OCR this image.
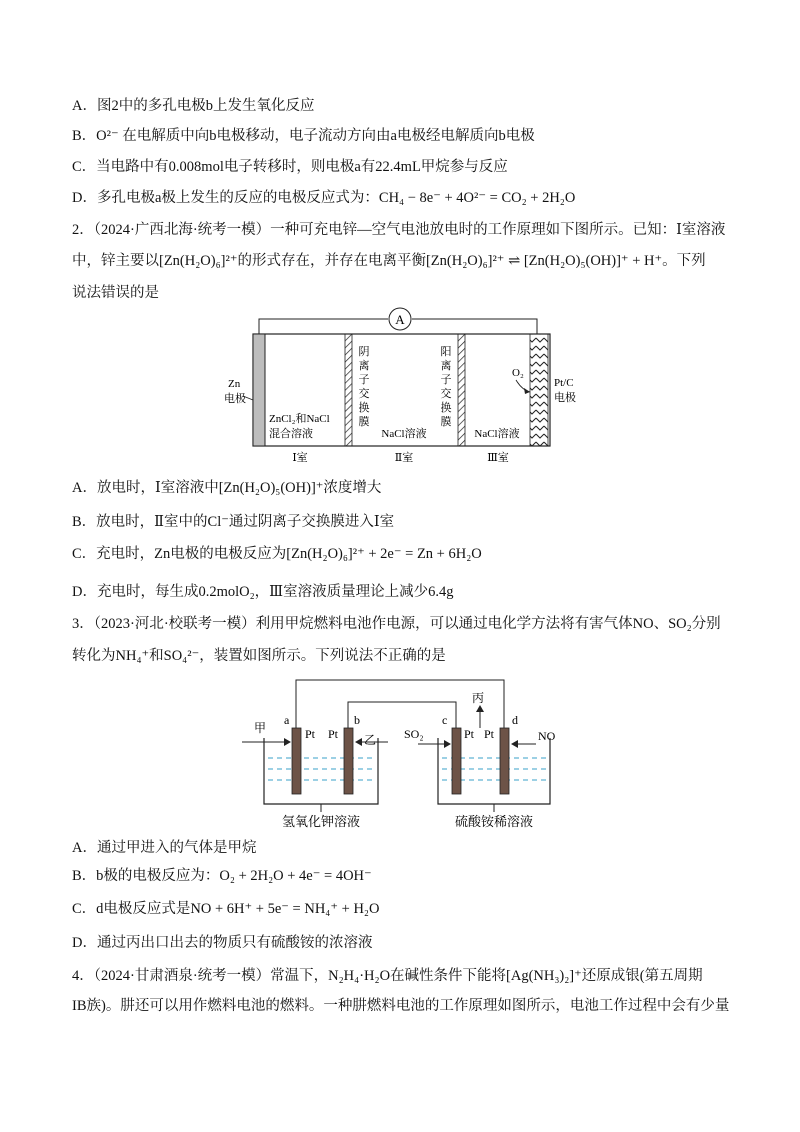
A．图2中的多孔电极b上发生氧化反应
B．O²⁻ 在电解质中向b电极移动，电子流动方向由a电极经电解质向b电极
C．当电路中有0.008mol电子转移时，则电极a有22.4mL甲烷参与反应
D．多孔电极a极上发生的反应的电极反应式为：CH₄ − 8e⁻ + 4O²⁻ = CO₂ + 2H₂O
2．（2024·广西北海·统考一模）一种可充电锌—空气电池放电时的工作原理如下图所示。已知：Ⅰ室溶液
中，锌主要以[Zn(H₂O)₆]²⁺的形式存在，并存在电离平衡[Zn(H₂O)₆]²⁺ ⇌ [Zn(H₂O)₅(OH)]⁺ + H⁺。下列
说法错误的是
A
Zn
电极
阴
离
子
交
换
膜
阳
离
子
交
换
膜
ZnCl₂和NaCl
混合溶液	NaCl溶液	NaCl溶液
O₂
Pt/C
电极
Ⅰ室	Ⅱ室	Ⅲ室
A．放电时，Ⅰ室溶液中[Zn(H₂O)₅(OH)]⁺浓度增大
B．放电时，Ⅱ室中的Cl⁻通过阴离子交换膜进入Ⅰ室
C．充电时，Zn电极的电极反应为[Zn(H₂O)₆]²⁺ + 2e⁻ = Zn + 6H₂O
D．充电时，每生成0.2molO₂，Ⅲ室溶液质量理论上减少6.4g
3．（2023·河北·校联考一模）利用甲烷燃料电池作电源，可以通过电化学方法将有害气体NO、SO₂分别
转化为NH₄⁺和SO₄²⁻，装置如图所示。下列说法不正确的是
a	b	c	d
Pt Pt	Pt Pt
甲
乙 SO₂	NO
丙
氢氧化钾溶液	硫酸铵稀溶液
A．通过甲进入的气体是甲烷
B．b极的电极反应为：O₂ + 2H₂O + 4e⁻ = 4OH⁻
C．d电极反应式是NO + 6H⁺ + 5e⁻ = NH₄⁺ + H₂O
D．通过丙出口出去的物质只有硫酸铵的浓溶液
4．（2024·甘肃酒泉·统考一模）常温下，N₂H₄·H₂O在碱性条件下能将[Ag(NH₃)₂]⁺还原成银(第五周期
IB族)。肼还可以用作燃料电池的燃料。一种肼燃料电池的工作原理如图所示，电池工作过程中会有少量
